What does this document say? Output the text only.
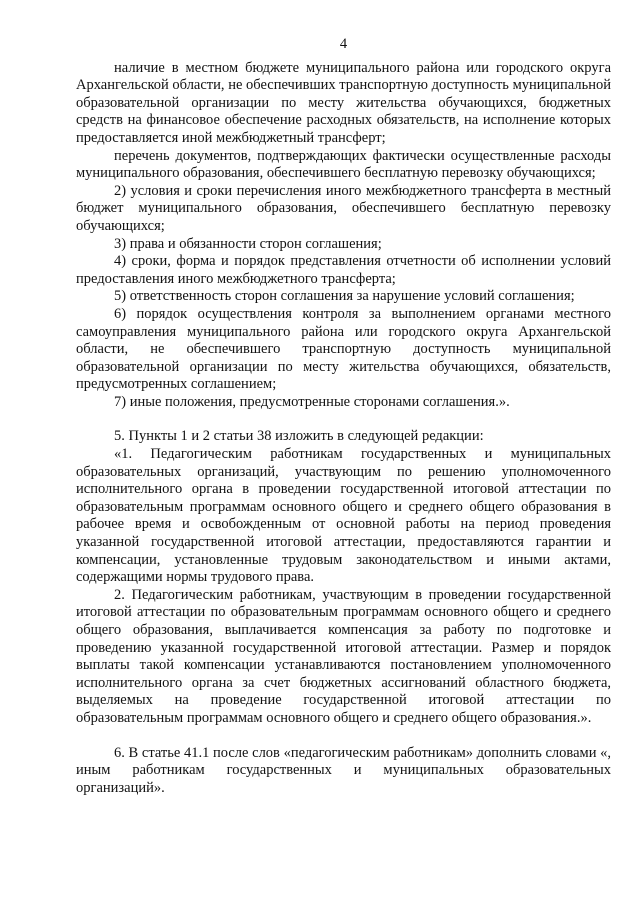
4

наличие в местном бюджете муниципального района или городского округа Архангельской области, не обеспечивших транспортную доступность муниципальной образовательной организации по месту жительства обучающихся, бюджетных средств на финансовое обеспечение расходных обязательств, на исполнение которых предоставляется иной межбюджетный трансферт;

перечень документов, подтверждающих фактически осуществленные расходы муниципального образования, обеспечившего бесплатную перевозку обучающихся;

2) условия и сроки перечисления иного межбюджетного трансферта в местный бюджет муниципального образования, обеспечившего бесплатную перевозку обучающихся;

3) права и обязанности сторон соглашения;

4) сроки, форма и порядок представления отчетности об исполнении условий предоставления иного межбюджетного трансферта;

5) ответственность сторон соглашения за нарушение условий соглашения;

6) порядок осуществления контроля за выполнением органами местного самоуправления муниципального района или городского округа Архангельской области, не обеспечившего транспортную доступность муниципальной образовательной организации по месту жительства обучающихся, обязательств, предусмотренных соглашением;

7) иные положения, предусмотренные сторонами соглашения.».

5. Пункты 1 и 2 статьи 38 изложить в следующей редакции:

«1. Педагогическим работникам государственных и муниципальных образовательных организаций, участвующим по решению уполномоченного исполнительного органа в проведении государственной итоговой аттестации по образовательным программам основного общего и среднего общего образования в рабочее время и освобожденным от основной работы на период проведения указанной государственной итоговой аттестации, предоставляются гарантии и компенсации, установленные трудовым законодательством и иными актами, содержащими нормы трудового права.

2. Педагогическим работникам, участвующим в проведении государственной итоговой аттестации по образовательным программам основного общего и среднего общего образования, выплачивается компенсация за работу по подготовке и проведению указанной государственной итоговой аттестации. Размер и порядок выплаты такой компенсации устанавливаются постановлением уполномоченного исполнительного органа за счет бюджетных ассигнований областного бюджета, выделяемых на проведение государственной итоговой аттестации по образовательным программам основного общего и среднего общего образования.».

6. В статье 41.1 после слов «педагогическим работникам» дополнить словами «, иным работникам государственных и муниципальных образовательных организаций».
